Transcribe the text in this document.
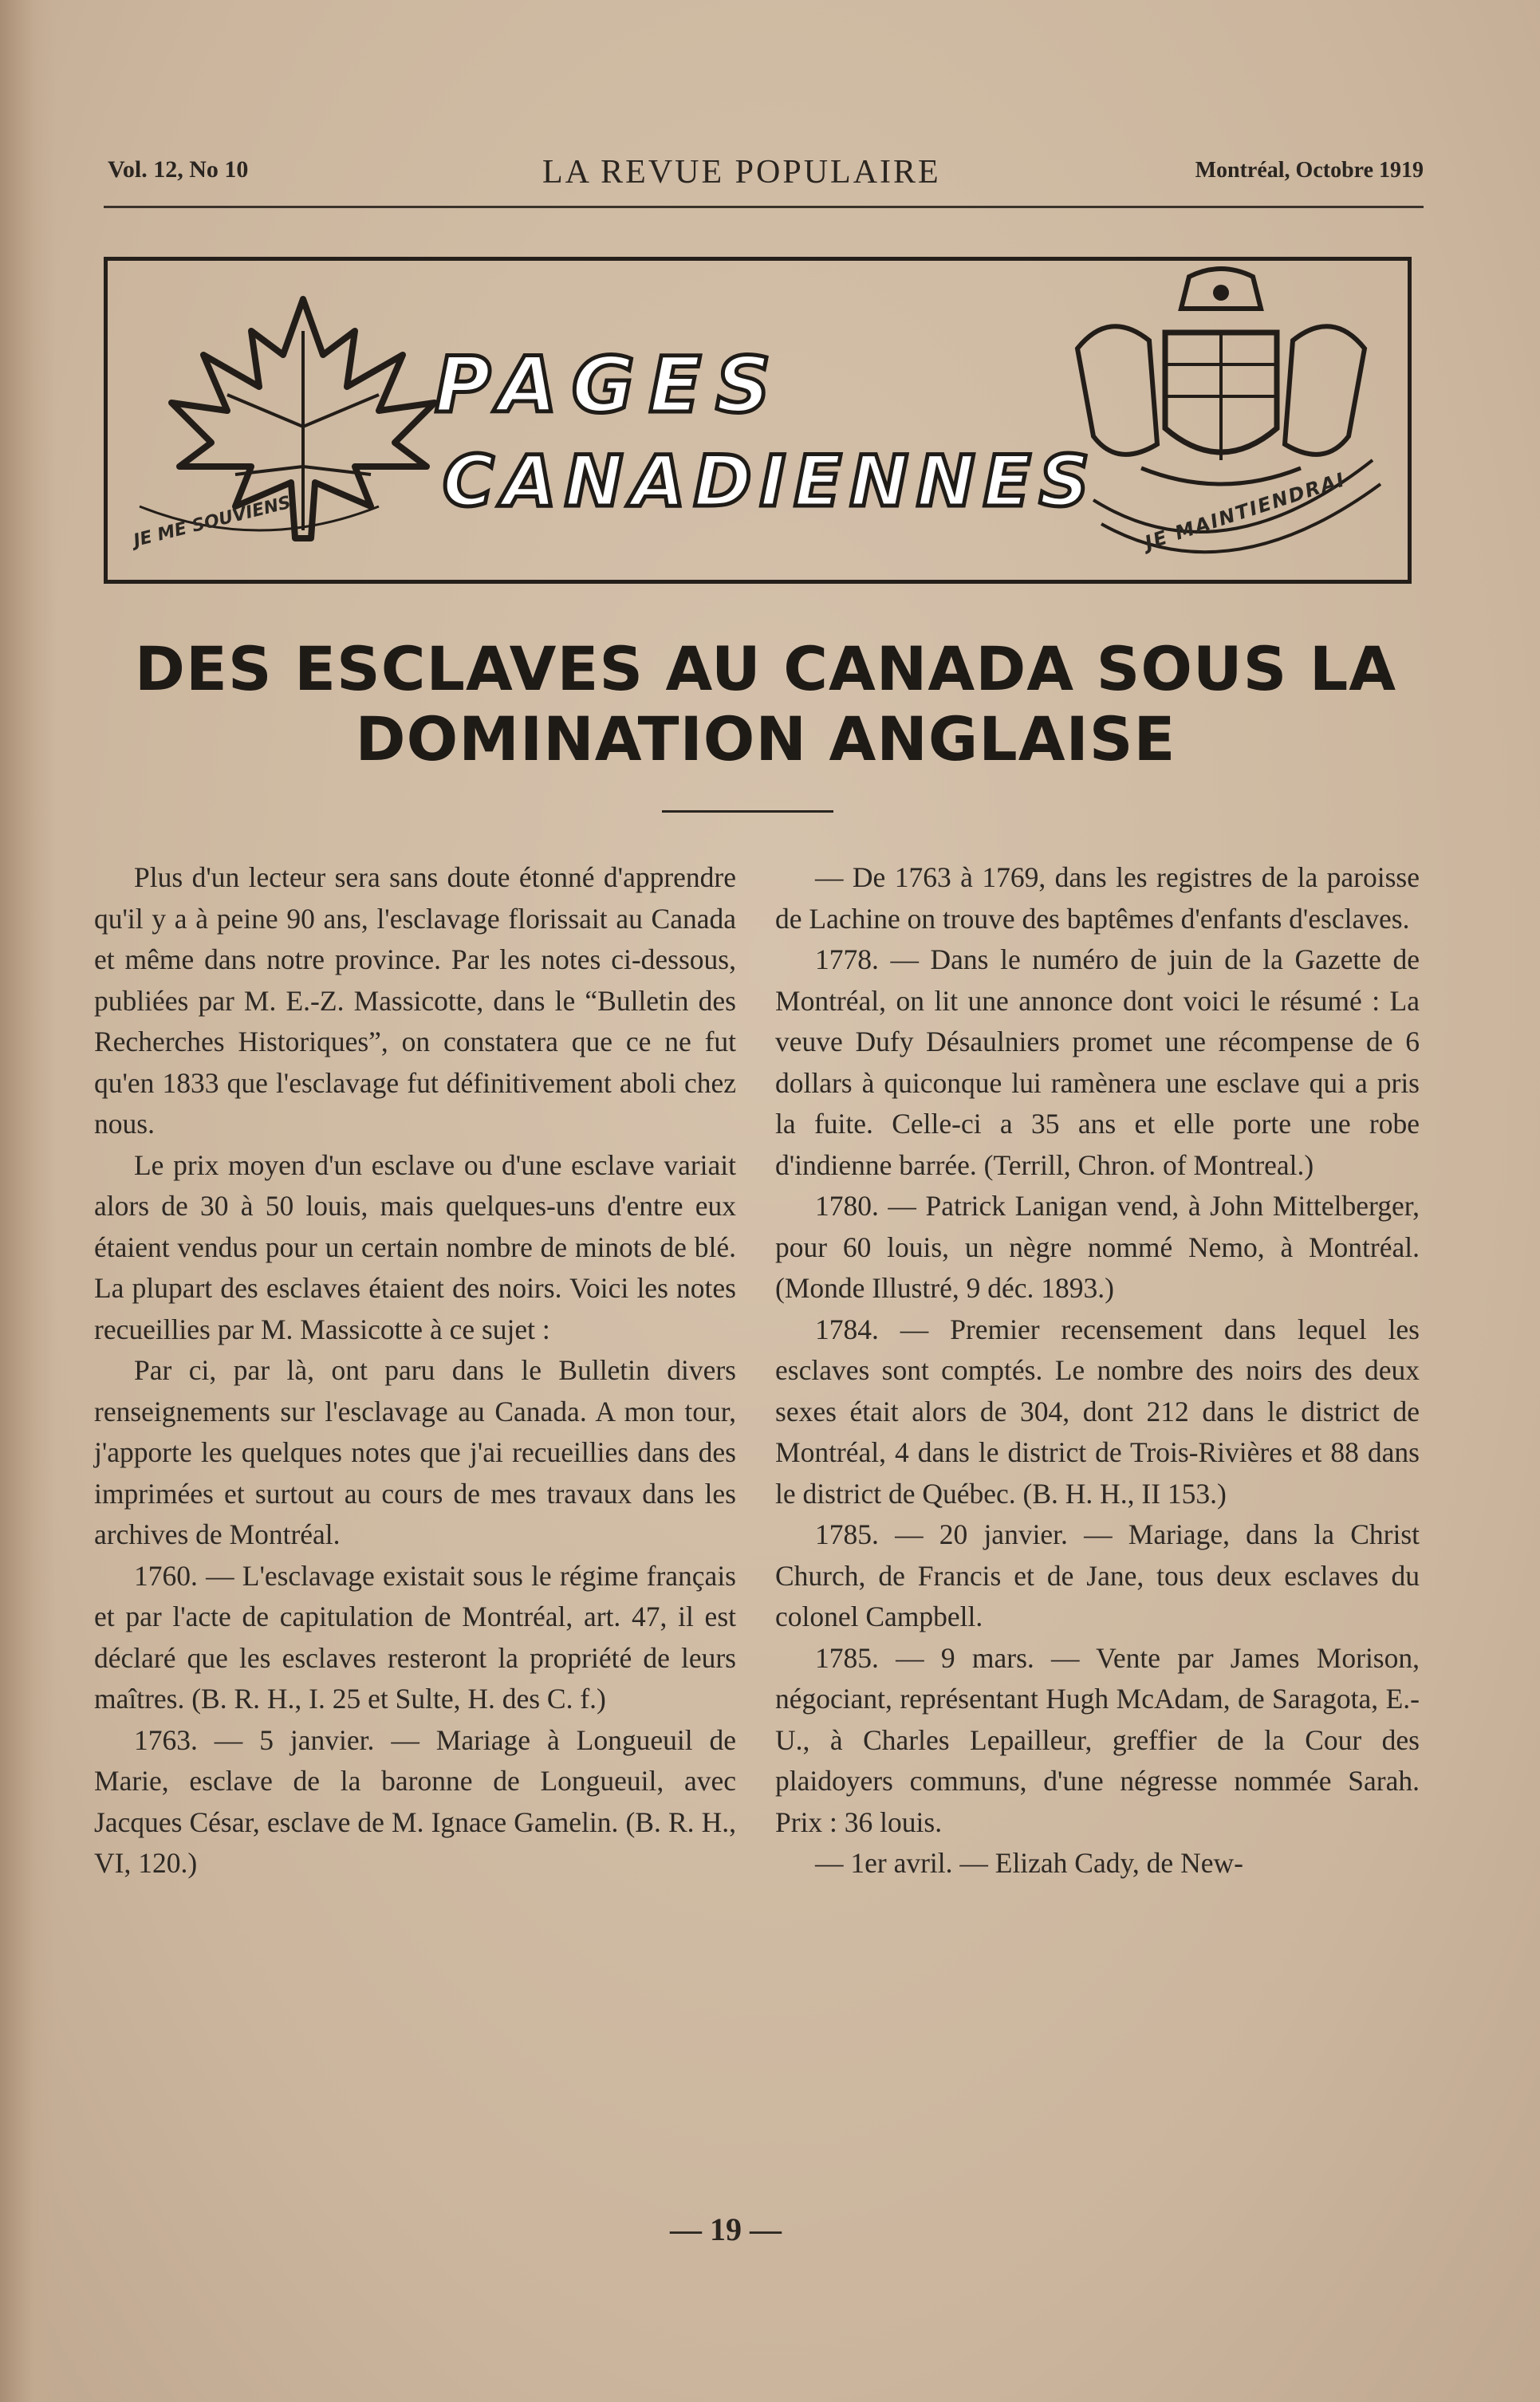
Vol. 12, No 10	LA REVUE POPULAIRE	Montréal, Octobre 1919
JE ME SOUVIENS
PAGES
CANADIENNES JE MAINTIENDRAI
DES ESCLAVES AU CANADA SOUS LA DOMINATION ANGLAISE

Plus d'un lecteur sera sans doute étonné d'apprendre qu'il y a à peine 90 ans, l'esclavage florissait au Canada et même dans notre province. Par les notes ci-dessous, publiées par M. E.-Z. Massicotte, dans le “Bulletin des Recherches Historiques”, on constatera que ce ne fut qu'en 1833 que l'esclavage fut définitivement aboli chez nous.

Le prix moyen d'un esclave ou d'une esclave variait alors de 30 à 50 louis, mais quelques-uns d'entre eux étaient vendus pour un certain nombre de minots de blé. La plupart des esclaves étaient des noirs. Voici les notes recueillies par M. Massicotte à ce sujet :

Par ci, par là, ont paru dans le Bulletin divers renseignements sur l'esclavage au Canada. A mon tour, j'apporte les quelques notes que j'ai recueillies dans des imprimées et surtout au cours de mes travaux dans les archives de Montréal.

1760. — L'esclavage existait sous le régime français et par l'acte de capitulation de Montréal, art. 47, il est déclaré que les esclaves resteront la propriété de leurs maîtres. (B. R. H., I. 25 et Sulte, H. des C. f.)

1763. — 5 janvier. — Mariage à Longueuil de Marie, esclave de la baronne de Longueuil, avec Jacques César, esclave de M. Ignace Gamelin. (B. R. H., VI, 120.)

— De 1763 à 1769, dans les registres de la paroisse de Lachine on trouve des baptêmes d'enfants d'esclaves.

1778. — Dans le numéro de juin de la Gazette de Montréal, on lit une annonce dont voici le résumé : La veuve Dufy Désaulniers promet une récompense de 6 dollars à quiconque lui ramènera une esclave qui a pris la fuite. Celle-ci a 35 ans et elle porte une robe d'indienne barrée. (Terrill, Chron. of Montreal.)

1780. — Patrick Lanigan vend, à John Mittelberger, pour 60 louis, un nègre nommé Nemo, à Montréal. (Monde Illustré, 9 déc. 1893.)

1784. — Premier recensement dans lequel les esclaves sont comptés. Le nombre des noirs des deux sexes était alors de 304, dont 212 dans le district de Montréal, 4 dans le district de Trois-Rivières et 88 dans le district de Québec. (B. H. H., II 153.)

1785. — 20 janvier. — Mariage, dans la Christ Church, de Francis et de Jane, tous deux esclaves du colonel Campbell.

1785. — 9 mars. — Vente par James Morison, négociant, représentant Hugh McAdam, de Saragota, E.-U., à Charles Lepailleur, greffier de la Cour des plaidoyers communs, d'une négresse nommée Sarah. Prix : 36 louis.

— 1er avril. — Elizah Cady, de New-

— 19 —
